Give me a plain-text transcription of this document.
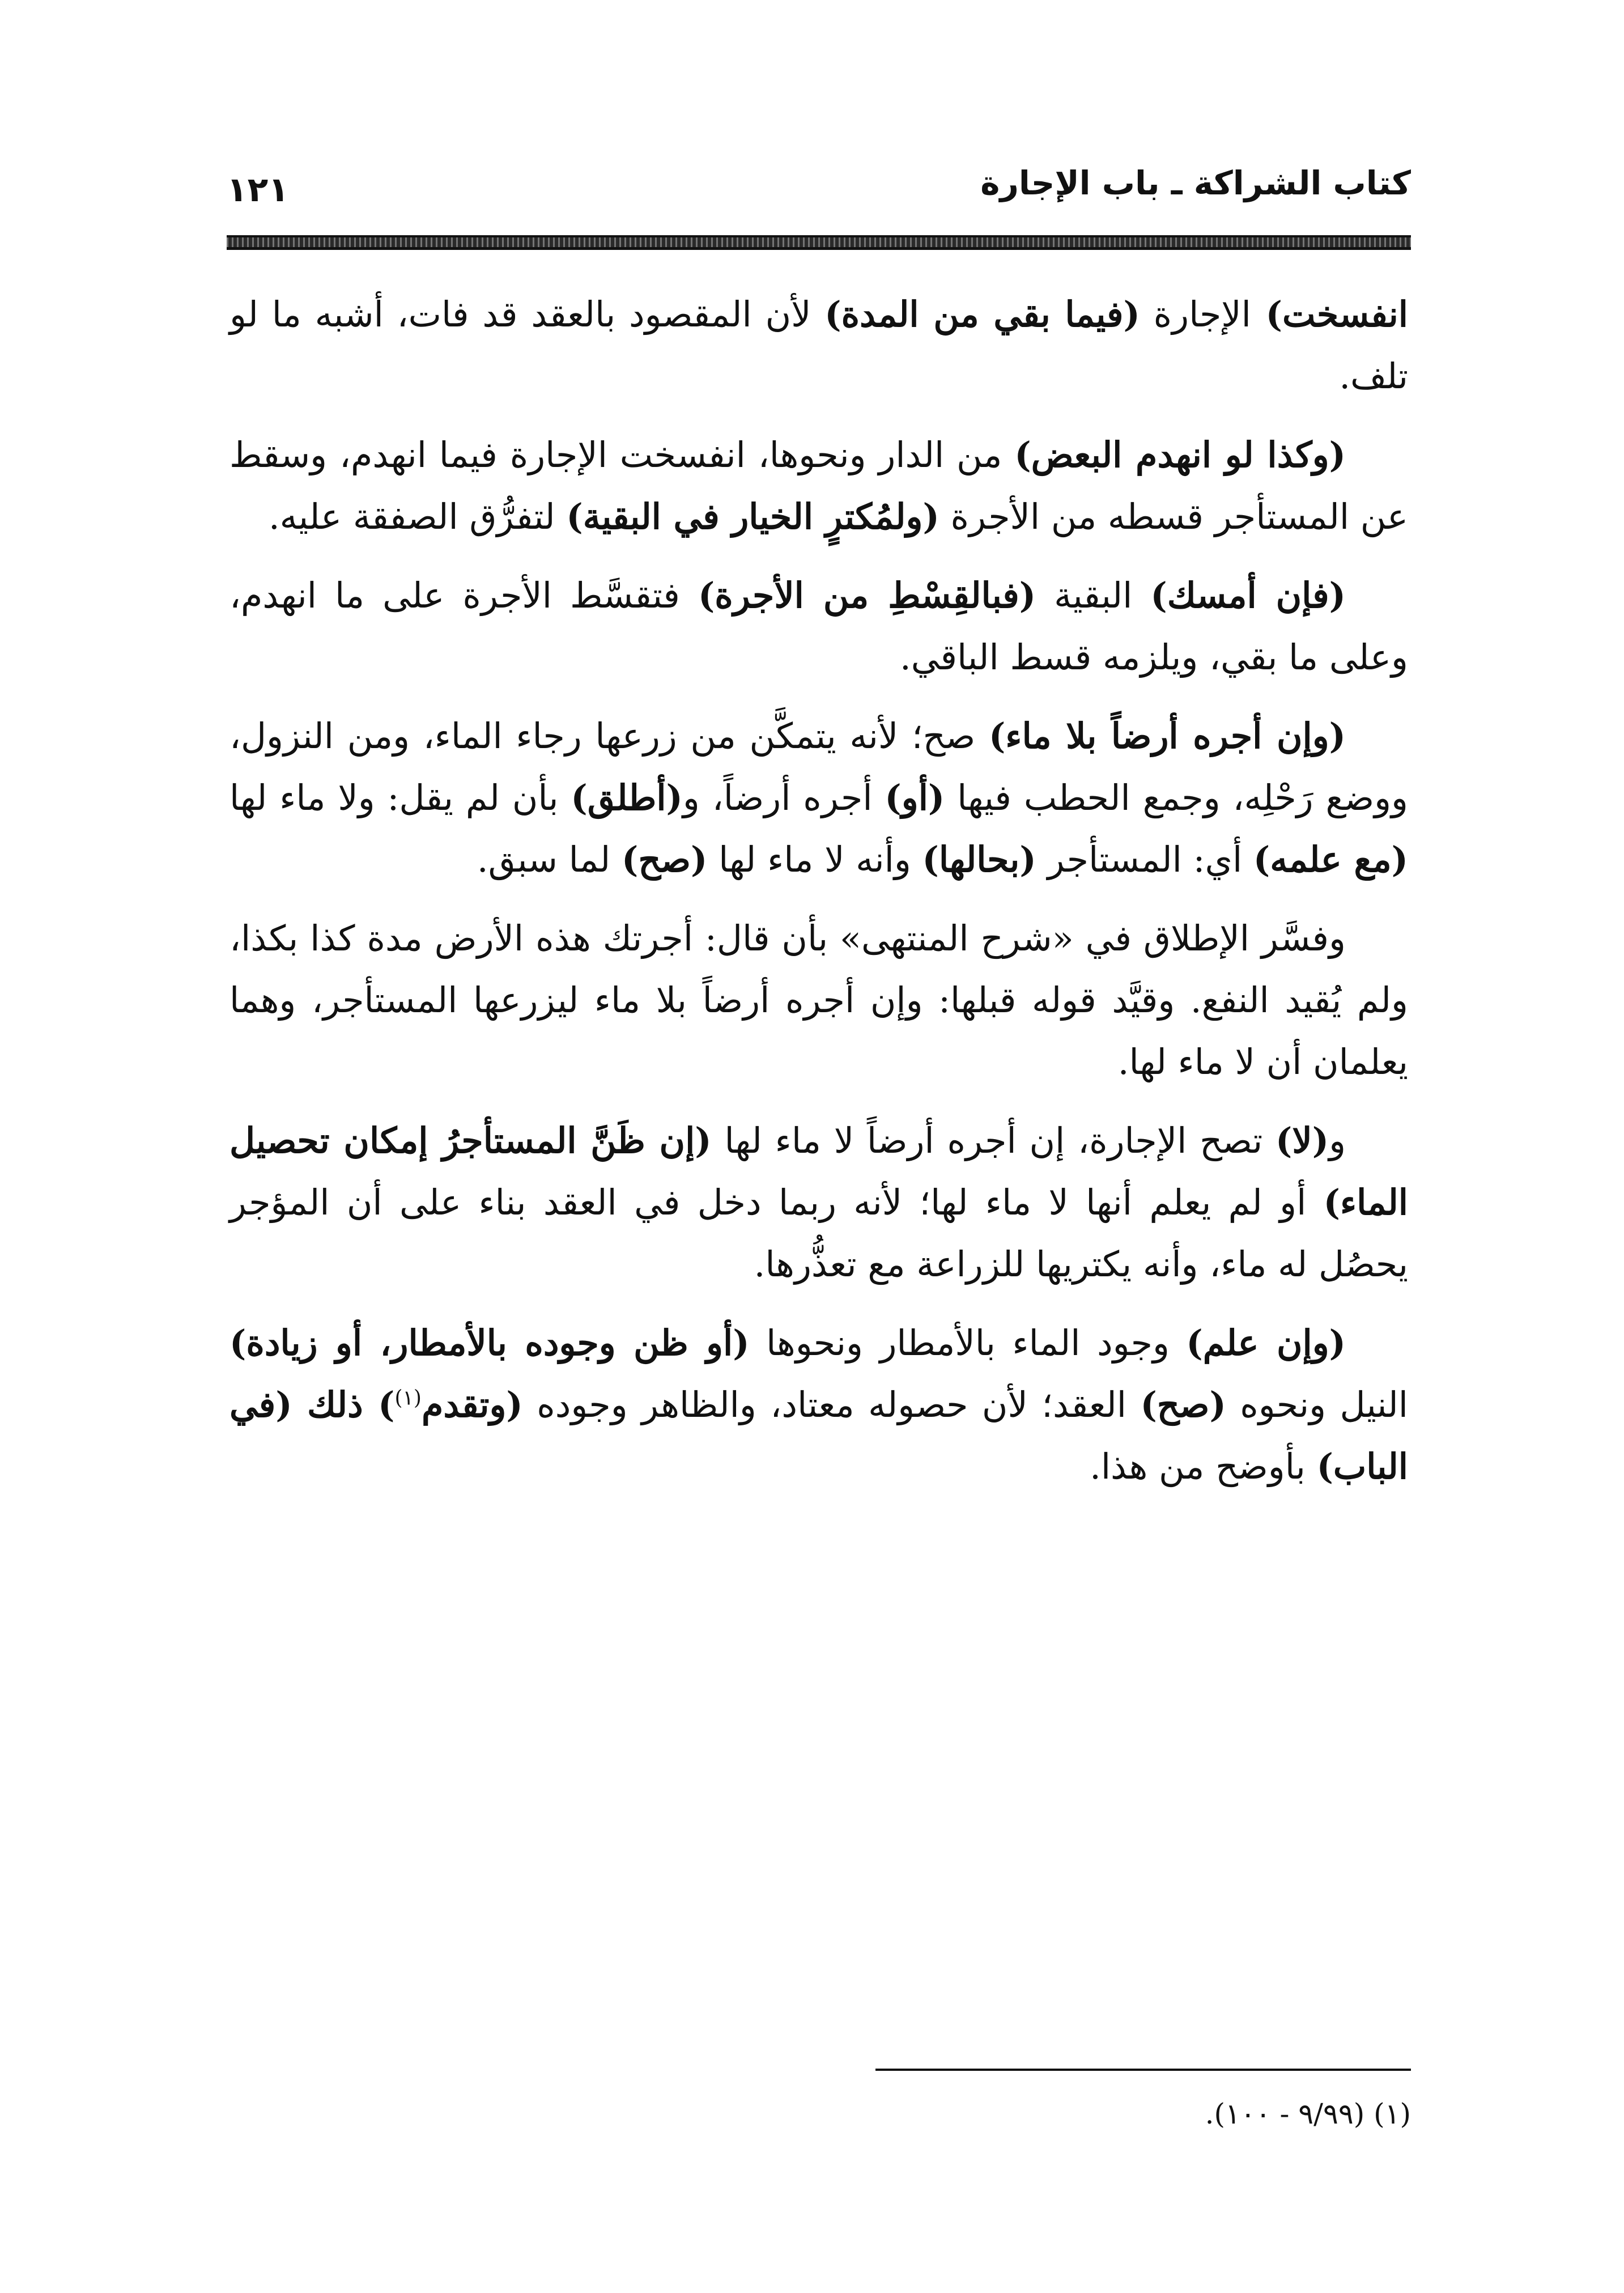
كتاب الشراكة ـ باب الإجارة
١٢١

انفسخت) الإجارة (فيما بقي من المدة) لأن المقصود بالعقد قد فات، أشبه ما لو تلف.

(وكذا لو انهدم البعض) من الدار ونحوها، انفسخت الإجارة فيما انهدم، وسقط عن المستأجر قسطه من الأجرة (ولمُكترٍ الخيار في البقية) لتفرُّق الصفقة عليه.

(فإن أمسك) البقية (فبالقِسْطِ من الأجرة) فتقسَّط الأجرة على ما انهدم، وعلى ما بقي، ويلزمه قسط الباقي.

(وإن أجره أرضاً بلا ماء) صح؛ لأنه يتمكَّن من زرعها رجاء الماء، ومن النزول، ووضع رَحْلِه، وجمع الحطب فيها (أو) أجره أرضاً، و(أطلق) بأن لم يقل: ولا ماء لها (مع علمه) أي: المستأجر (بحالها) وأنه لا ماء لها (صح) لما سبق.

وفسَّر الإطلاق في «شرح المنتهى» بأن قال: أجرتك هذه الأرض مدة كذا بكذا، ولم يُقيد النفع. وقيَّد قوله قبلها: وإن أجره أرضاً بلا ماء ليزرعها المستأجر، وهما يعلمان أن لا ماء لها.

و(لا) تصح الإجارة، إن أجره أرضاً لا ماء لها (إن ظَنَّ المستأجرُ إمكان تحصيل الماء) أو لم يعلم أنها لا ماء لها؛ لأنه ربما دخل في العقد بناء على أن المؤجر يحصُل له ماء، وأنه يكتريها للزراعة مع تعذُّرها.

(وإن علم) وجود الماء بالأمطار ونحوها (أو ظن وجوده بالأمطار، أو زيادة) النيل ونحوه (صح) العقد؛ لأن حصوله معتاد، والظاهر وجوده (وتقدم$^{(١)}$) ذلك (في الباب) بأوضح من هذا.

(١) (٩/٩٩ - ١٠٠).
